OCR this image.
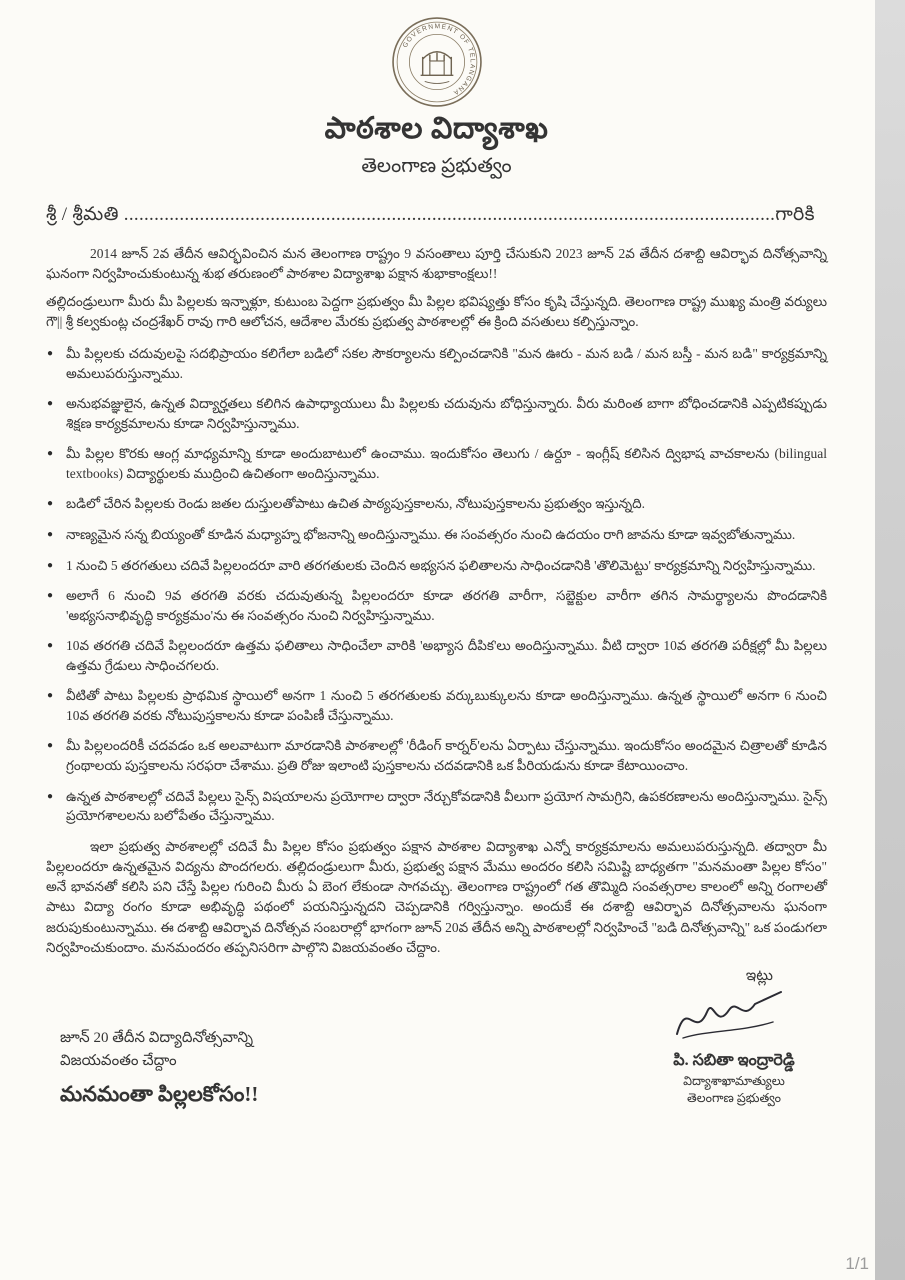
GOVERNMENT OF TELANGANA
పాఠశాల విద్యాశాఖ
తెలంగాణ ప్రభుత్వం
శ్రీ / శ్రీమతి .................................................................................................................................గారికి

2014 జూన్ 2వ తేదీన ఆవిర్భవించిన మన తెలంగాణ రాష్ట్రం 9 వసంతాలు పూర్తి చేసుకుని 2023 జూన్ 2వ తేదీన దశాబ్ది ఆవిర్భావ దినోత్సవాన్ని ఘనంగా నిర్వహించుకుంటున్న శుభ తరుణంలో పాఠశాల విద్యాశాఖ పక్షాన శుభాకాంక్షలు!!

తల్లిదండ్రులుగా మీరు మీ పిల్లలకు ఇన్నాళ్లూ, కుటుంబ పెద్దగా ప్రభుత్వం మీ పిల్లల భవిష్యత్తు కోసం కృషి చేస్తున్నది. తెలంగాణ రాష్ట్ర ముఖ్య మంత్రి వర్యులు గౌ|| శ్రీ కల్వకుంట్ల చంద్రశేఖర్ రావు గారి ఆలోచన, ఆదేశాల మేరకు ప్రభుత్వ పాఠశాలల్లో ఈ క్రింది వసతులు కల్పిస్తున్నాం.

● మీ పిల్లలకు చదువులపై సదభిప్రాయం కలిగేలా బడిలో సకల సౌకర్యాలను కల్పించడానికి "మన ఊరు - మన బడి / మన బస్తీ - మన బడి" కార్యక్రమాన్ని అమలుపరుస్తున్నాము.
● అనుభవజ్ఞులైన, ఉన్నత విద్యార్హతలు కలిగిన ఉపాధ్యాయులు మీ పిల్లలకు చదువును బోధిస్తున్నారు. వీరు మరింత బాగా బోధించడానికి ఎప్పటికప్పుడు శిక్షణ కార్యక్రమాలను కూడా నిర్వహిస్తున్నాము.
● మీ పిల్లల కొరకు ఆంగ్ల మాధ్యమాన్ని కూడా అందుబాటులో ఉంచాము. ఇందుకోసం తెలుగు / ఉర్దూ - ఇంగ్లీష్ కలిసిన ద్విభాష వాచకాలను (bilingual textbooks) విద్యార్థులకు ముద్రించి ఉచితంగా అందిస్తున్నాము.
● బడిలో చేరిన పిల్లలకు రెండు జతల దుస్తులతోపాటు ఉచిత పాఠ్యపుస్తకాలను, నోటుపుస్తకాలను ప్రభుత్వం ఇస్తున్నది.
● నాణ్యమైన సన్న బియ్యంతో కూడిన మధ్యాహ్న భోజనాన్ని అందిస్తున్నాము. ఈ సంవత్సరం నుంచి ఉదయం రాగి జావను కూడా ఇవ్వబోతున్నాము.
● 1 నుంచి 5 తరగతులు చదివే పిల్లలందరూ వారి తరగతులకు చెందిన అభ్యసన ఫలితాలను సాధించడానికి 'తొలిమెట్టు' కార్యక్రమాన్ని నిర్వహిస్తున్నాము.
● అలాగే 6 నుంచి 9వ తరగతి వరకు చదువుతున్న పిల్లలందరూ కూడా తరగతి వారీగా, సబ్జెక్టుల వారీగా తగిన సామర్థ్యాలను పొందడానికి 'అభ్యసనాభివృద్ధి కార్యక్రమం'ను ఈ సంవత్సరం నుంచి నిర్వహిస్తున్నాము.
● 10వ తరగతి చదివే పిల్లలందరూ ఉత్తమ ఫలితాలు సాధించేలా వారికి 'అభ్యాస దీపిక'లు అందిస్తున్నాము. వీటి ద్వారా 10వ తరగతి పరీక్షల్లో మీ పిల్లలు ఉత్తమ గ్రేడులు సాధించగలరు.
● వీటితో పాటు పిల్లలకు ప్రాథమిక స్థాయిలో అనగా 1 నుంచి 5 తరగతులకు వర్కుబుక్కులను కూడా అందిస్తున్నాము. ఉన్నత స్థాయిలో అనగా 6 నుంచి 10వ తరగతి వరకు నోటుపుస్తకాలను కూడా పంపిణీ చేస్తున్నాము.
● మీ పిల్లలందరికీ చదవడం ఒక అలవాటుగా మారడానికి పాఠశాలల్లో 'రీడింగ్ కార్నర్'లను ఏర్పాటు చేస్తున్నాము. ఇందుకోసం అందమైన చిత్రాలతో కూడిన గ్రంథాలయ పుస్తకాలను సరఫరా చేశాము. ప్రతి రోజు ఇలాంటి పుస్తకాలను చదవడానికి ఒక పీరియడును కూడా కేటాయించాం.
● ఉన్నత పాఠశాలల్లో చదివే పిల్లలు సైన్స్ విషయాలను ప్రయోగాల ద్వారా నేర్చుకోవడానికి వీలుగా ప్రయోగ సామగ్రిని, ఉపకరణాలను అందిస్తున్నాము. సైన్స్ ప్రయోగశాలలను బలోపేతం చేస్తున్నాము.

ఇలా ప్రభుత్వ పాఠశాలల్లో చదివే మీ పిల్లల కోసం ప్రభుత్వం పక్షాన పాఠశాల విద్యాశాఖ ఎన్నో కార్యక్రమాలను అమలుపరుస్తున్నది. తద్వారా మీ పిల్లలందరూ ఉన్నతమైన విద్యను పొందగలరు. తల్లిదండ్రులుగా మీరు, ప్రభుత్వ పక్షాన మేము అందరం కలిసి సమిష్టి బాధ్యతగా "మనమంతా పిల్లల కోసం" అనే భావనతో కలిసి పని చేస్తే పిల్లల గురించి మీరు ఏ బెంగ లేకుండా సాగవచ్చు. తెలంగాణ రాష్ట్రంలో గత తొమ్మిది సంవత్సరాల కాలంలో అన్ని రంగాలతో పాటు విద్యా రంగం కూడా అభివృద్ధి పథంలో పయనిస్తున్నదని చెప్పడానికి గర్విస్తున్నాం. అందుకే ఈ దశాబ్ది ఆవిర్భావ దినోత్సవాలను ఘనంగా జరుపుకుంటున్నాము. ఈ దశాబ్ది ఆవిర్భావ దినోత్సవ సంబరాల్లో భాగంగా జూన్ 20వ తేదీన అన్ని పాఠశాలల్లో నిర్వహించే "బడి దినోత్సవాన్ని" ఒక పండుగలా నిర్వహించుకుందాం. మనమందరం తప్పనిసరిగా పాల్గొని విజయవంతం చేద్దాం.

జూన్ 20 తేదీన విద్యాదినోత్సవాన్ని
విజయవంతం చేద్దాం
మనమంతా పిల్లలకోసం!!
ఇట్లు
పి. సబితా ఇంద్రారెడ్డి
విద్యాశాఖామాత్యులు
తెలంగాణ ప్రభుత్వం
1/1
